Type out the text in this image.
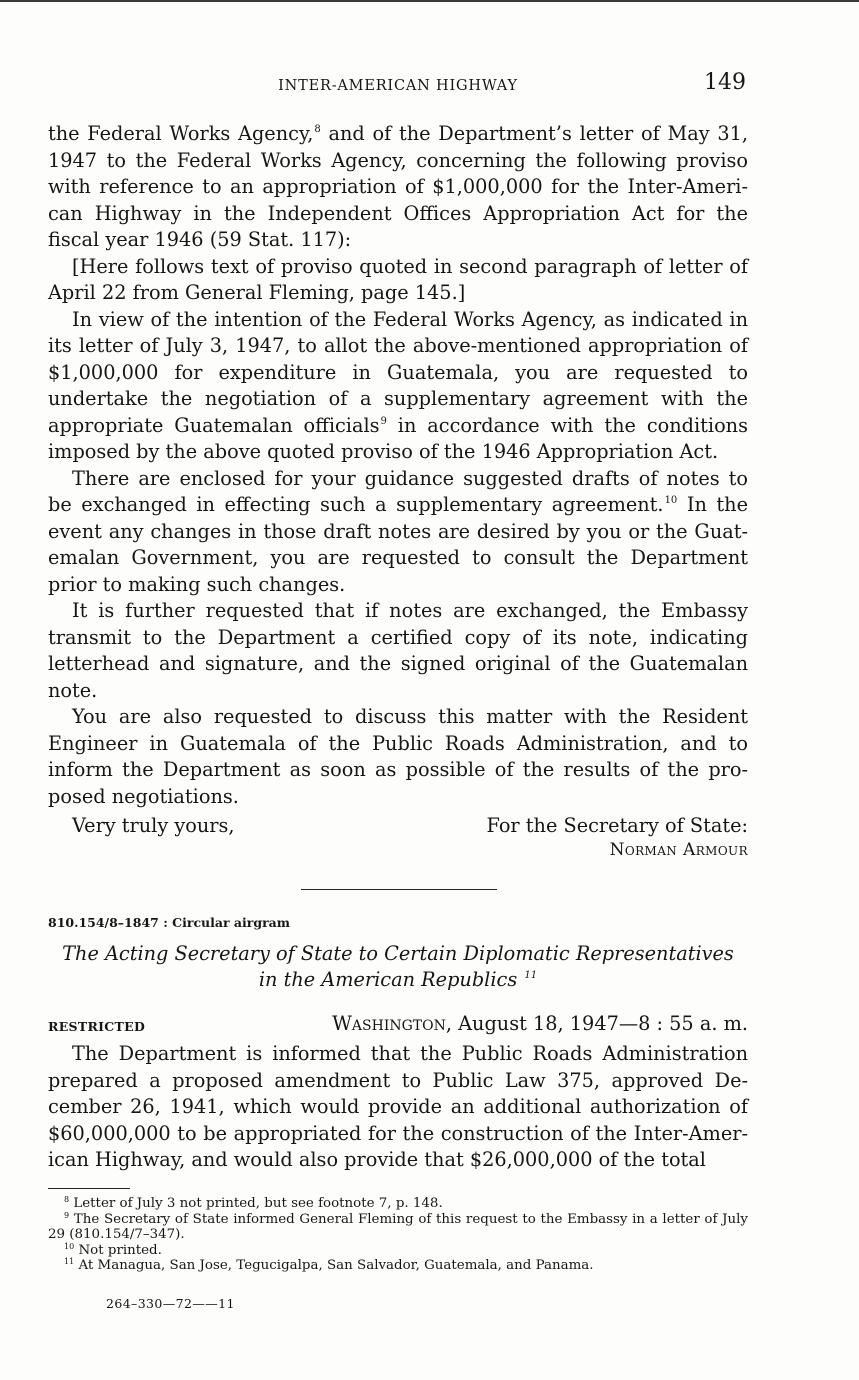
INTER-AMERICAN HIGHWAY	149

the Federal Works Agency,$^8$ and of the Department’s letter of May 31, 1947 to the Federal Works Agency, concerning the following proviso with reference to an appropriation of $1,000,000 for the Inter-American Highway in the Independent Offices Appropriation Act for the fiscal year 1946 (59 Stat. 117):

[Here follows text of proviso quoted in second paragraph of letter of April 22 from General Fleming, page 145.]

In view of the intention of the Federal Works Agency, as indicated in its letter of July 3, 1947, to allot the above-mentioned appropriation of $1,000,000 for expenditure in Guatemala, you are requested to undertake the negotiation of a supplementary agreement with the appropriate Guatemalan officials$^9$ in accordance with the conditions imposed by the above quoted proviso of the 1946 Appropriation Act.

There are enclosed for your guidance suggested drafts of notes to be exchanged in effecting such a supplementary agreement.$^{10}$ In the event any changes in those draft notes are desired by you or the Guatemalan Government, you are requested to consult the Department prior to making such changes.

It is further requested that if notes are exchanged, the Embassy transmit to the Department a certified copy of its note, indicating letterhead and signature, and the signed original of the Guatemalan note.

You are also requested to discuss this matter with the Resident Engineer in Guatemala of the Public Roads Administration, and to inform the Department as soon as possible of the results of the proposed negotiations.

Very truly yours,	For the Secretary of State:
Norman Armour
810.154/8–1847 : Circular airgram
The Acting Secretary of State to Certain Diplomatic Representatives
in the American Republics $^{11}$
RESTRICTED	Washington, August 18, 1947—8 : 55 a. m.

The Department is informed that the Public Roads Administration prepared a proposed amendment to Public Law 375, approved December 26, 1941, which would provide an additional authorization of $60,000,000 to be appropriated for the construction of the Inter-American Highway, and would also provide that $26,000,000 of the total

$^8$ Letter of July 3 not printed, but see footnote 7, p. 148.

$^9$ The Secretary of State informed General Fleming of this request to the Embassy in a letter of July 29 (810.154/7–347).

$^{10}$ Not printed.

$^{11}$ At Managua, San Jose, Tegucigalpa, San Salvador, Guatemala, and Panama.

264–330—72——11
